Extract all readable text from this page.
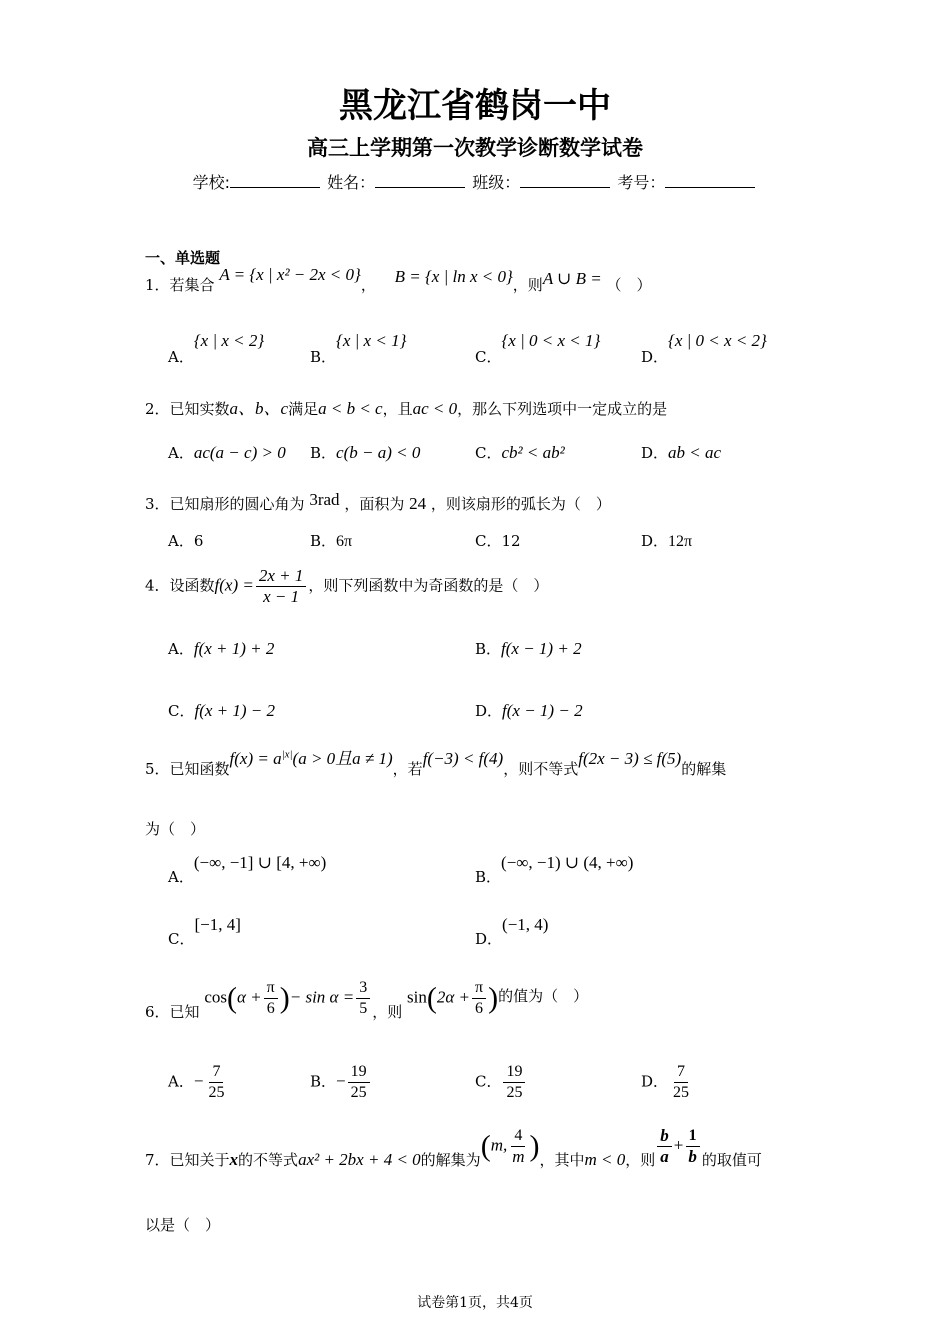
黑龙江省鹤岗一中
高三上学期第一次教学诊断数学试卷
学校:	姓名：	班级：	考号：
一、单选题
1．若集合 A = {x | x² − 2x < 0}， B = {x | ln x < 0}，则A ∪ B = （　）
A．{x | x < 2}
B．{x | x < 1}
C．{x | 0 < x < 1}
D．{x | 0 < x < 2}
2．已知实数a、b、c满足a < b < c，且ac < 0，那么下列选项中一定成立的是
A．ac(a − c) > 0 B．c(b − a) < 0	C．cb² < ab²	D．ab < ac
3．已知扇形的圆心角为 3rad ，面积为 24 ，则该扇形的弧长为（　）
A．6	B．6π	C．12	D．12π
4．设函数$f(x) = \frac{2x + 1}{x - 1}$ ，则下列函数中为奇函数的是（　）
A．f(x + 1) + 2	B．f(x − 1) + 2
C．f(x + 1) − 2	D．f(x − 1) − 2
5．已知函数$f(x) = a^{|x|}(a > 0$且a ≠ 1)，若f(−3) < f(4)，则不等式f(2x − 3) ≤ f(5)的解集
为（　）
A．(−∞, −1] ∪ [4, +∞)
B．(−∞, −1) ∪ (4, +∞)
C．[−1, 4]
D．(−1, 4)
6．已知 $\cos(\alpha + \frac{\pi}{6}$ )− $\sin \alpha = \frac{3}{5}$ ，则 $\sin(2\alpha + \frac{\pi}{6}$ )的值为（　）
A．− $\frac{7}{25}$	B．− $\frac{19}{25}$	C． $\frac{19}{25}$	D． $\frac{7}{25}$
7．已知关于x的不等式ax² + 2bx + 4 < 0的解集为(m, $\frac{4}{m}$ )，其中m < 0，则 $\frac{b}{a} + \frac{1}{b}$ 的取值可
以是（　）
试卷第1页，共4页
